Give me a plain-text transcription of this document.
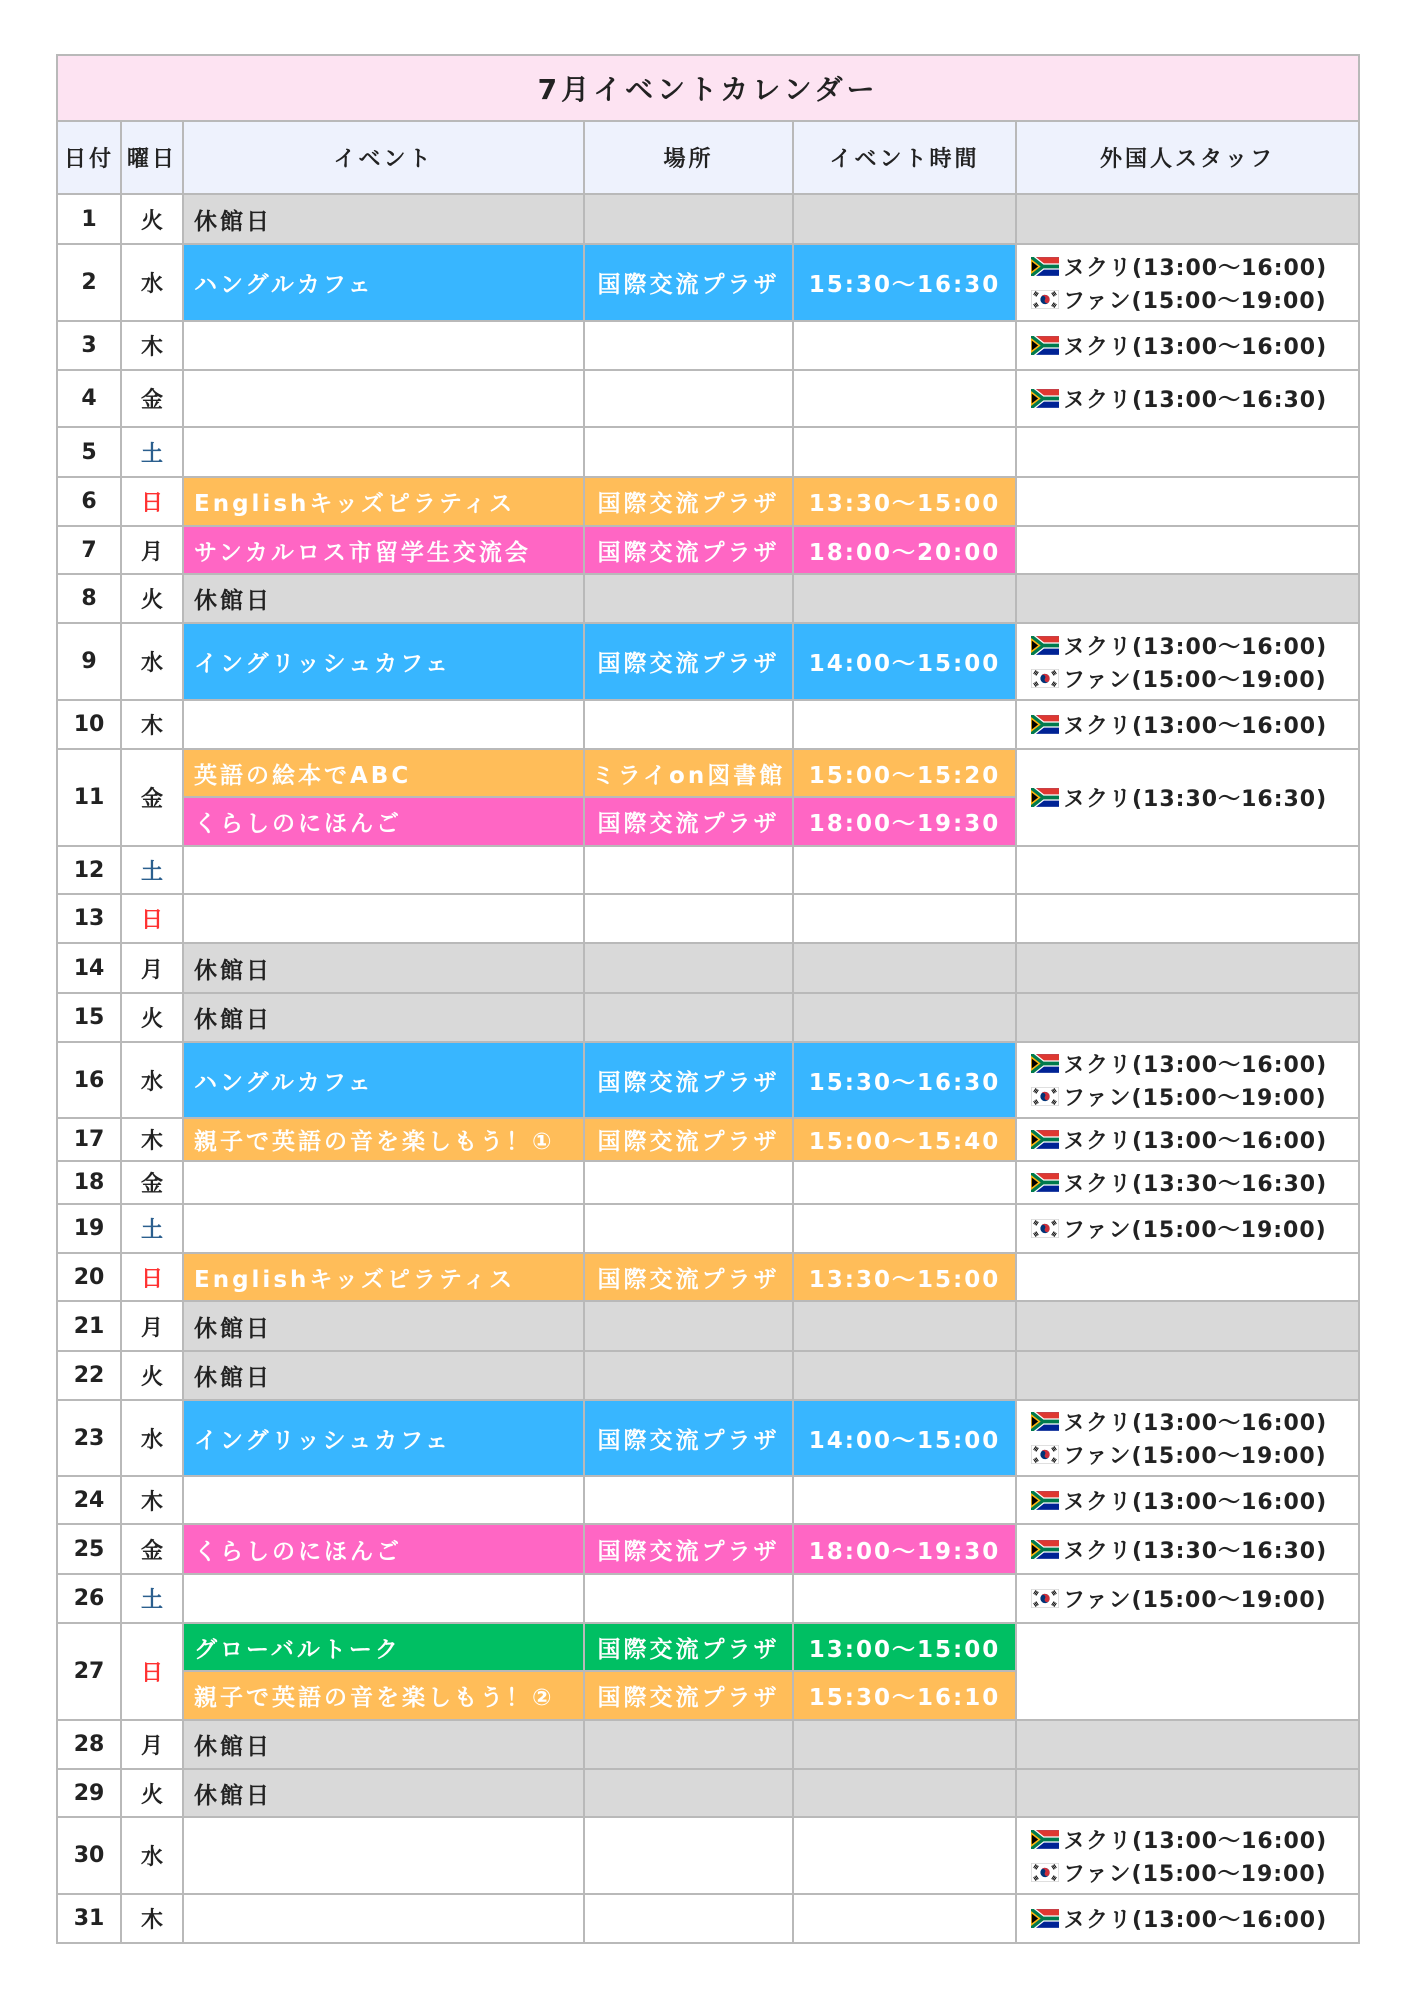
7月イベントカレンダー					
日付	曜日	イベント	場所	イベント時間	外国人スタッフ
1	火	休館日			
2	水	ハングルカフェ	国際交流プラザ	15:30〜16:30	ヌクリ(13:00〜16:00)
ファン(15:00〜19:00)

3	木				ヌクリ(13:00〜16:00)

4	金				ヌクリ(13:00〜16:30)

5	土				
6	日	Englishキッズピラティス	国際交流プラザ	13:30〜15:00	
7	月	サンカルロス市留学生交流会	国際交流プラザ	18:00〜20:00	
8	火	休館日			
9	水	イングリッシュカフェ	国際交流プラザ	14:00〜15:00	ヌクリ(13:00〜16:00)
ファン(15:00〜19:00)

10	木				ヌクリ(13:00〜16:00)

11	金	英語の絵本でABC	ミライon図書館	15:00〜15:20	ヌクリ(13:30〜16:30)

		くらしのにほんご	国際交流プラザ	18:00〜19:30	
12	土				
13	日				
14	月	休館日			
15	火	休館日			
16	水	ハングルカフェ	国際交流プラザ	15:30〜16:30	ヌクリ(13:00〜16:00)
ファン(15:00〜19:00)

17	木	親子で英語の音を楽しもう！①	国際交流プラザ	15:00〜15:40	ヌクリ(13:00〜16:00)

18	金				ヌクリ(13:30〜16:30)

19	土				ファン(15:00〜19:00)

20	日	Englishキッズピラティス	国際交流プラザ	13:30〜15:00	
21	月	休館日			
22	火	休館日			
23	水	イングリッシュカフェ	国際交流プラザ	14:00〜15:00	ヌクリ(13:00〜16:00)
ファン(15:00〜19:00)

24	木				ヌクリ(13:00〜16:00)

25	金	くらしのにほんご	国際交流プラザ	18:00〜19:30	ヌクリ(13:30〜16:30)

26	土				ファン(15:00〜19:00)

27	日	グローバルトーク	国際交流プラザ	13:00〜15:00	
		親子で英語の音を楽しもう！②	国際交流プラザ	15:30〜16:10	
28	月	休館日			
29	火	休館日			
30	水				ヌクリ(13:00〜16:00)
ファン(15:00〜19:00)

31	木				ヌクリ(13:00〜16:00)
